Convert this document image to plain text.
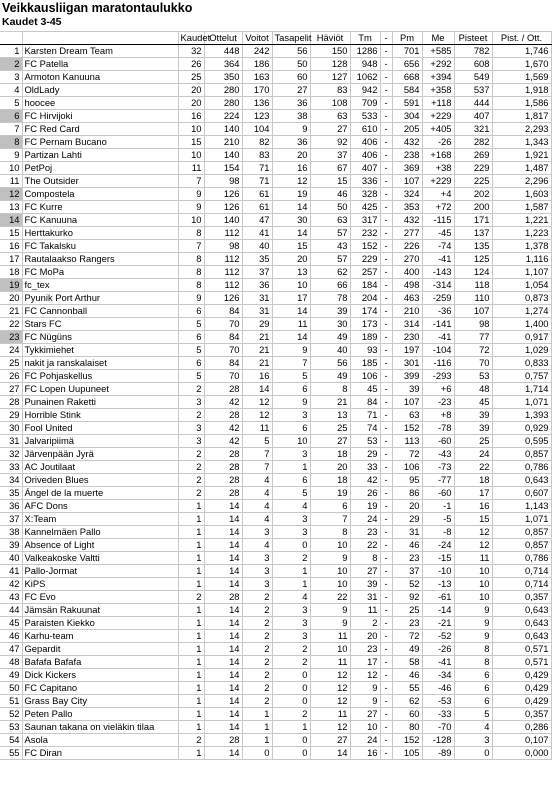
Veikkausliigan maratontaulukko
Kaudet 3-45
		Kaudet	Ottelut	Voitot	Tasapelit	Häviöt	Tm	-	Pm	Me	Pisteet	Pist. / Ott.
1	Karsten Dream Team	32	448	242	56	150	1286	-	701	+585	782	1,746
2	FC Patella	26	364	186	50	128	948	-	656	+292	608	1,670
3	Armoton Kanuuna	25	350	163	60	127	1062	-	668	+394	549	1,569
4	OldLady	20	280	170	27	83	942	-	584	+358	537	1,918
5	hoocee	20	280	136	36	108	709	-	591	+118	444	1,586
6	FC Hirvijoki	16	224	123	38	63	533	-	304	+229	407	1,817
7	FC Red Card	10	140	104	9	27	610	-	205	+405	321	2,293
8	FC Pernam Bucano	15	210	82	36	92	406	-	432	-26	282	1,343
9	Partizan Lahti	10	140	83	20	37	406	-	238	+168	269	1,921
10	PetPoj	11	154	71	16	67	407	-	369	+38	229	1,487
11	The Outsider	7	98	71	12	15	336	-	107	+229	225	2,296
12	Compostela	9	126	61	19	46	328	-	324	+4	202	1,603
13	FC Kurre	9	126	61	14	50	425	-	353	+72	200	1,587
14	FC Kanuuna	10	140	47	30	63	317	-	432	-115	171	1,221
15	Herttakurko	8	112	41	14	57	232	-	277	-45	137	1,223
16	FC Takalsku	7	98	40	15	43	152	-	226	-74	135	1,378
17	Rautalaakso Rangers	8	112	35	20	57	229	-	270	-41	125	1,116
18	FC MoPa	8	112	37	13	62	257	-	400	-143	124	1,107
19	fc_tex	8	112	36	10	66	184	-	498	-314	118	1,054
20	Pyunik Port Arthur	9	126	31	17	78	204	-	463	-259	110	0,873
21	FC Cannonball	6	84	31	14	39	174	-	210	-36	107	1,274
22	Stars FC	5	70	29	11	30	173	-	314	-141	98	1,400
23	FC Nügüns	6	84	21	14	49	189	-	230	-41	77	0,917
24	Tykkimiehet	5	70	21	9	40	93	-	197	-104	72	1,029
25	nakit ja ranskalaiset	6	84	21	7	56	185	-	301	-116	70	0,833
26	FC Pohjaskellus	5	70	16	5	49	106	-	399	-293	53	0,757
27	FC Lopen Uupuneet	2	28	14	6	8	45	-	39	+6	48	1,714
28	Punainen Raketti	3	42	12	9	21	84	-	107	-23	45	1,071
29	Horrible Stink	2	28	12	3	13	71	-	63	+8	39	1,393
30	Fool United	3	42	11	6	25	74	-	152	-78	39	0,929
31	Jalvaripiimä	3	42	5	10	27	53	-	113	-60	25	0,595
32	Järvenpään Jyrä	2	28	7	3	18	29	-	72	-43	24	0,857
33	AC Joutilaat	2	28	7	1	20	33	-	106	-73	22	0,786
34	Oriveden Blues	2	28	4	6	18	42	-	95	-77	18	0,643
35	Ángel de la muerte	2	28	4	5	19	26	-	86	-60	17	0,607
36	AFC Dons	1	14	4	4	6	19	-	20	-1	16	1,143
37	X:Team	1	14	4	3	7	24	-	29	-5	15	1,071
38	Kannelmäen Pallo	1	14	3	3	8	23	-	31	-8	12	0,857
39	Absence of Light	1	14	4	0	10	22	-	46	-24	12	0,857
40	Valkeakoske Valtti	1	14	3	2	9	8	-	23	-15	11	0,786
41	Pallo-Jormat	1	14	3	1	10	27	-	37	-10	10	0,714
42	KiPS	1	14	3	1	10	39	-	52	-13	10	0,714
43	FC Evo	2	28	2	4	22	31	-	92	-61	10	0,357
44	Jämsän Rakuunat	1	14	2	3	9	11	-	25	-14	9	0,643
45	Paraisten Kiekko	1	14	2	3	9	2	-	23	-21	9	0,643
46	Karhu-team	1	14	2	3	11	20	-	72	-52	9	0,643
47	Gepardit	1	14	2	2	10	23	-	49	-26	8	0,571
48	Bafafa Bafafa	1	14	2	2	11	17	-	58	-41	8	0,571
49	Dick Kickers	1	14	2	0	12	12	-	46	-34	6	0,429
50	FC Capitano	1	14	2	0	12	9	-	55	-46	6	0,429
51	Grass Bay City	1	14	2	0	12	9	-	62	-53	6	0,429
52	Peten Pallo	1	14	1	2	11	27	-	60	-33	5	0,357
53	Saunan takana on vieläkin tilaa	1	14	1	1	12	10	-	80	-70	4	0,286
54	Asola	2	28	1	0	27	24	-	152	-128	3	0,107
55	FC Diran	1	14	0	0	14	16	-	105	-89	0	0,000
